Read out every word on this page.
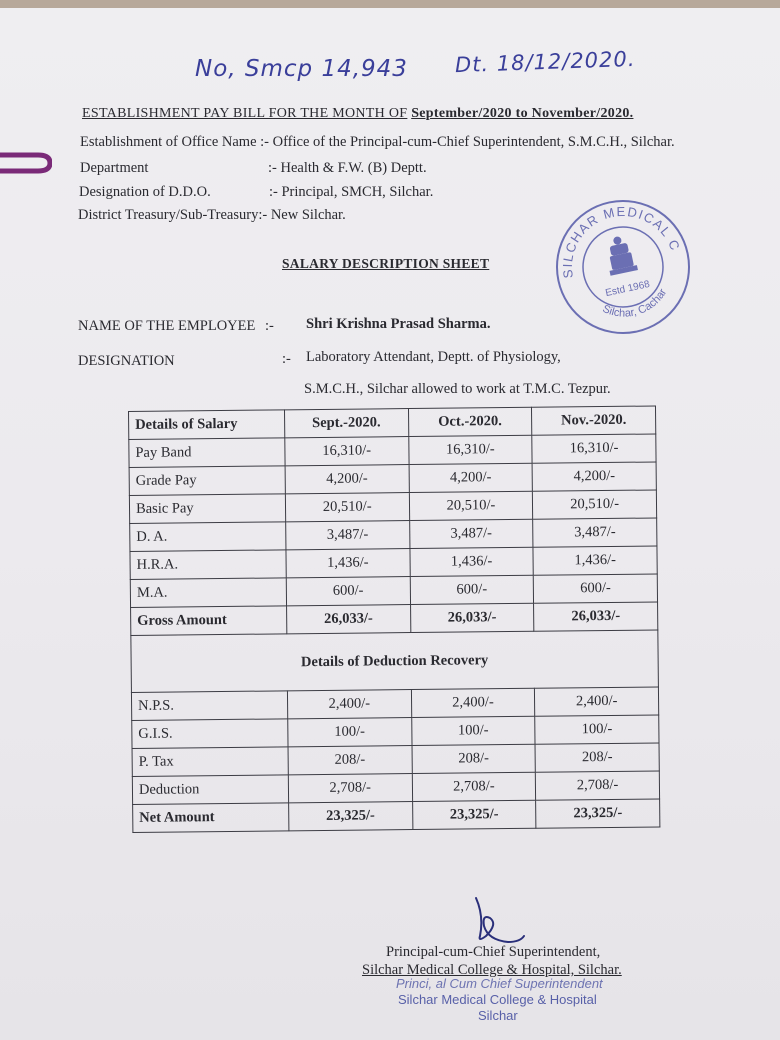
No, Smcp 14,943 Dt. 18/12/2020.
ESTABLISHMENT PAY BILL FOR THE MONTH OF September/2020 to November/2020.
Establishment of Office Name :- Office of the Principal-cum-Chief Superintendent, S.M.C.H., Silchar.
Department	:- Health & F.W. (B) Deptt.
Designation of D.D.O.	:- Principal, SMCH, Silchar.
District Treasury/Sub-Treasury:- New Silchar.
SILCHAR MEDICAL COLLEGE
Silchar, Cachar
Estd 1968
SALARY DESCRIPTION SHEET
NAME OF THE EMPLOYEE :- Shri Krishna Prasad Sharma.
DESIGNATION	:- Laboratory Attendant, Deptt. of Physiology,
S.M.C.H., Silchar allowed to work at T.M.C. Tezpur.
Details of Salary	Sept.-2020.	Oct.-2020.	Nov.-2020.
Pay Band	16,310/-	16,310/-	16,310/-
Grade Pay	4,200/-	4,200/-	4,200/-
Basic Pay	20,510/-	20,510/-	20,510/-
D. A.	3,487/-	3,487/-	3,487/-
H.R.A.	1,436/-	1,436/-	1,436/-
M.A.	600/-	600/-	600/-
Gross Amount	26,033/-	26,033/-	26,033/-
Details of Deduction Recovery			
N.P.S.	2,400/-	2,400/-	2,400/-
G.I.S.	100/-	100/-	100/-
P. Tax	208/-	208/-	208/-
Deduction	2,708/-	2,708/-	2,708/-
Net Amount	23,325/-	23,325/-	23,325/-
Principal-cum-Chief Superintendent,
Silchar Medical College & Hospital, Silchar.
Princi, al Cum Chief Superintendent
Silchar Medical College & Hospital
Silchar
